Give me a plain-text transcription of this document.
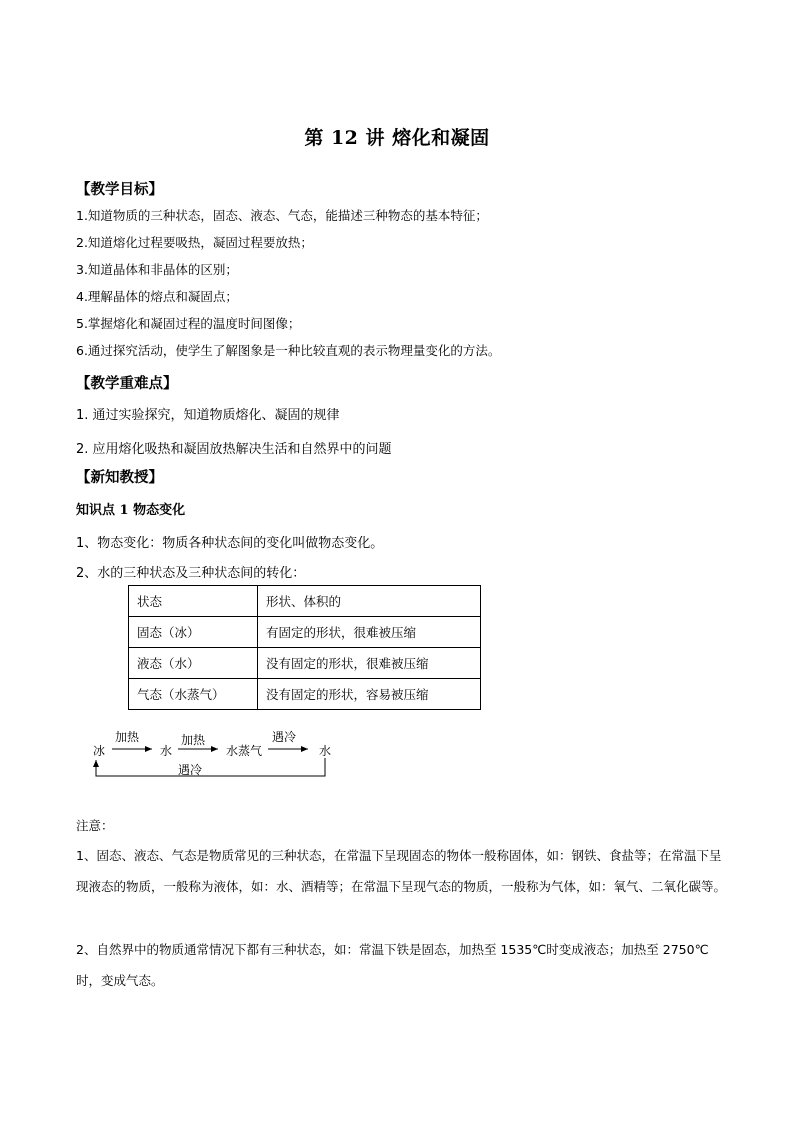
第 12 讲 熔化和凝固
【教学目标】
1.知道物质的三种状态，固态、液态、气态，能描述三种物态的基本特征；
2.知道熔化过程要吸热，凝固过程要放热；
3.知道晶体和非晶体的区别；
4.理解晶体的熔点和凝固点；
5.掌握熔化和凝固过程的温度时间图像；
6.通过探究活动，使学生了解图象是一种比较直观的表示物理量变化的方法。
【教学重难点】
1. 通过实验探究，知道物质熔化、凝固的规律
2. 应用熔化吸热和凝固放热解决生活和自然界中的问题
【新知教授】
知识点 1 物态变化
1、物态变化：物质各种状态间的变化叫做物态变化。
2、水的三种状态及三种状态间的转化：
状态	形状、体积的
固态（冰）	有固定的形状，很难被压缩
液态（水）	没有固定的形状，很难被压缩
气态（水蒸气）	没有固定的形状，容易被压缩
冰
加热
水
加热
水蒸气
遇冷
水
遇冷
注意：
1、固态、液态、气态是物质常见的三种状态，在常温下呈现固态的物体一般称固体，如：钢铁、食盐等；在常温下呈现液态的物质，一般称为液体，如：水、酒精等；在常温下呈现气态的物质，一般称为气体，如：氧气、二氧化碳等。
2、自然界中的物质通常情况下都有三种状态，如：常温下铁是固态，加热至 1535℃时变成液态；加热至 2750℃时，变成气态。
